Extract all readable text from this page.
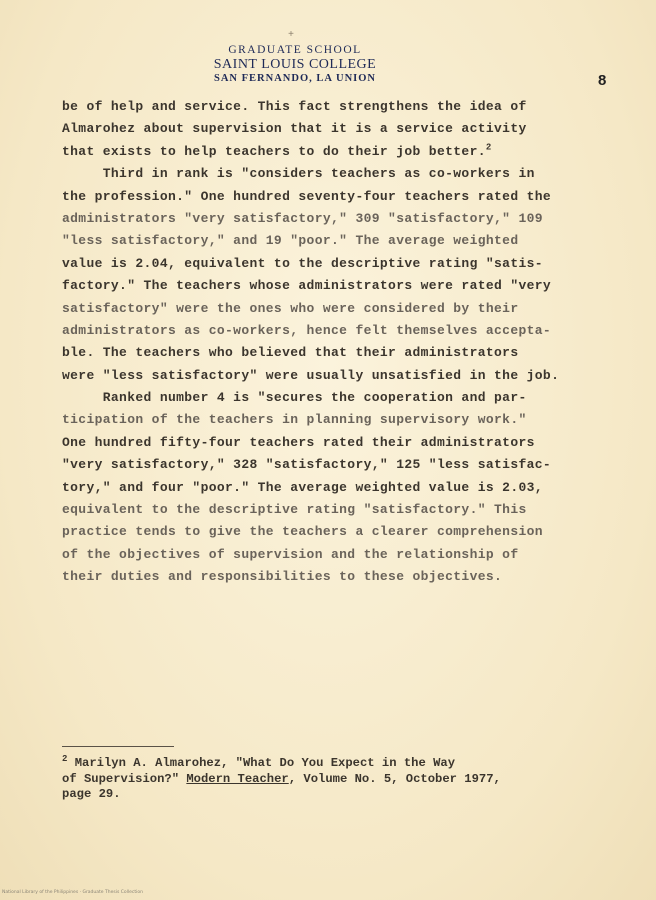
+
GRADUATE SCHOOL
SAINT LOUIS COLLEGE
SAN FERNANDO, LA UNION	8
be of help and service. This fact strengthens the idea of
Almarohez about supervision that it is a service activity
that exists to help teachers to do their job better.$^2$
Third in rank is "considers teachers as co-workers in
the profession." One hundred seventy-four teachers rated the
administrators "very satisfactory," 309 "satisfactory," 109
"less satisfactory," and 19 "poor." The average weighted
value is 2.04, equivalent to the descriptive rating "satis-
factory." The teachers whose administrators were rated "very
satisfactory" were the ones who were considered by their
administrators as co-workers, hence felt themselves accepta-
ble. The teachers who believed that their administrators
were "less satisfactory" were usually unsatisfied in the job.
Ranked number 4 is "secures the cooperation and par-
ticipation of the teachers in planning supervisory work."
One hundred fifty-four teachers rated their administrators
"very satisfactory," 328 "satisfactory," 125 "less satisfac-
tory," and four "poor." The average weighted value is 2.03,
equivalent to the descriptive rating "satisfactory." This
practice tends to give the teachers a clearer comprehension
of the objectives of supervision and the relationship of
their duties and responsibilities to these objectives.
$^2$ Marilyn A. Almarohez, "What Do You Expect in the Way
of Supervision?" Modern Teacher, Volume No. 5, October 1977,
page 29.
National Library of the Philippines · Graduate Thesis Collection
